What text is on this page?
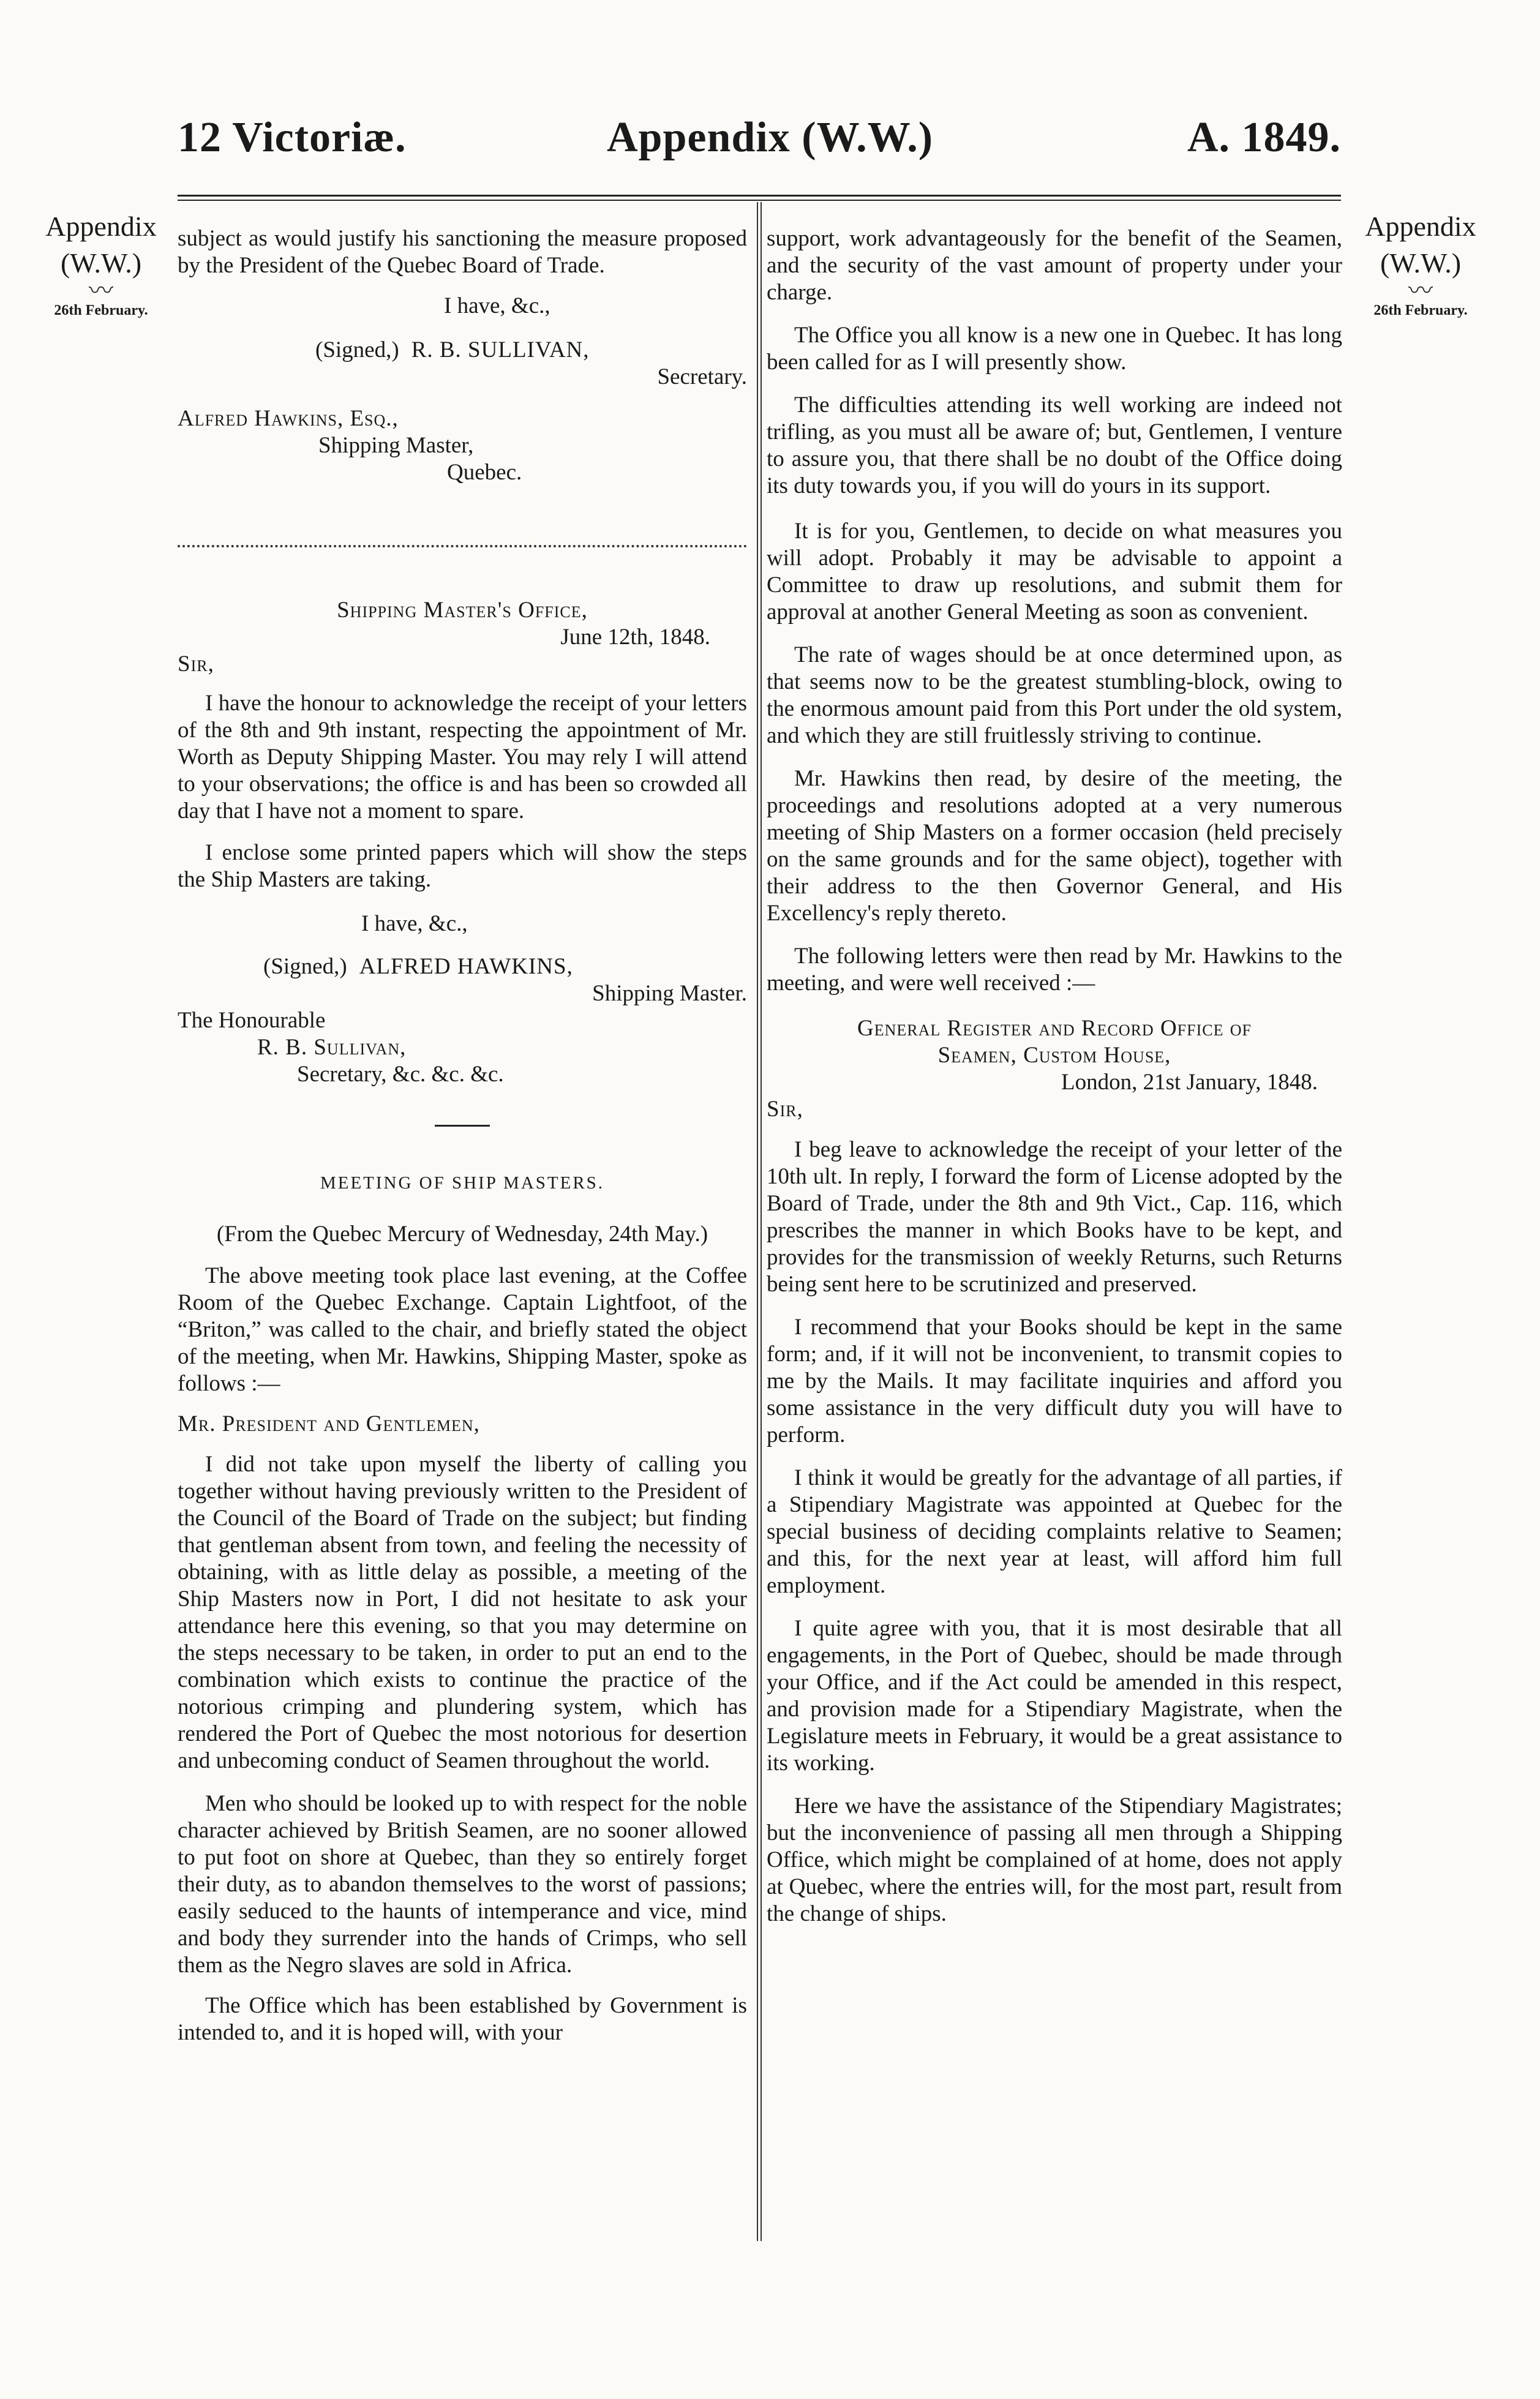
Appendix (W.W.)
12 Victoriæ.	A. 1849.
Appendix
(W.W.)
〰
26th February.
Appendix
(W.W.)
〰
26th February.

subject as would justify his sanctioning the measure proposed by the President of the Quebec Board of Trade.

I have, &c.,

(Signed,) R. B. SULLIVAN,

Secretary.

Alfred Hawkins, Esq.,

Shipping Master,

Quebec.

Shipping Master's Office,

June 12th, 1848.

Sir,

I have the honour to acknowledge the receipt of your letters of the 8th and 9th instant, respecting the appointment of Mr. Worth as Deputy Shipping Master. You may rely I will attend to your observations; the office is and has been so crowded all day that I have not a moment to spare.

I enclose some printed papers which will show the steps the Ship Masters are taking.

I have, &c.,

(Signed,) ALFRED HAWKINS,

Shipping Master.

The Honourable

R. B. Sullivan,

Secretary, &c. &c. &c.

MEETING OF SHIP MASTERS.

(From the Quebec Mercury of Wednesday, 24th May.)

The above meeting took place last evening, at the Coffee Room of the Quebec Exchange. Captain Lightfoot, of the “Briton,” was called to the chair, and briefly stated the object of the meeting, when Mr. Hawkins, Shipping Master, spoke as follows :—

Mr. President and Gentlemen,

I did not take upon myself the liberty of calling you together without having previously written to the President of the Council of the Board of Trade on the subject; but finding that gentleman absent from town, and feeling the necessity of obtaining, with as little delay as possible, a meeting of the Ship Masters now in Port, I did not hesitate to ask your attendance here this evening, so that you may determine on the steps necessary to be taken, in order to put an end to the combination which exists to continue the practice of the notorious crimping and plundering system, which has rendered the Port of Quebec the most notorious for desertion and unbecoming conduct of Seamen throughout the world.

Men who should be looked up to with respect for the noble character achieved by British Seamen, are no sooner allowed to put foot on shore at Quebec, than they so entirely forget their duty, as to abandon themselves to the worst of passions; easily seduced to the haunts of intemperance and vice, mind and body they surrender into the hands of Crimps, who sell them as the Negro slaves are sold in Africa.

The Office which has been established by Government is intended to, and it is hoped will, with your

support, work advantageously for the benefit of the Seamen, and the security of the vast amount of property under your charge.

The Office you all know is a new one in Quebec. It has long been called for as I will presently show.

The difficulties attending its well working are indeed not trifling, as you must all be aware of; but, Gentlemen, I venture to assure you, that there shall be no doubt of the Office doing its duty towards you, if you will do yours in its support.

It is for you, Gentlemen, to decide on what measures you will adopt. Probably it may be advisable to appoint a Committee to draw up resolutions, and submit them for approval at another General Meeting as soon as convenient.

The rate of wages should be at once determined upon, as that seems now to be the greatest stumbling-block, owing to the enormous amount paid from this Port under the old system, and which they are still fruitlessly striving to continue.

Mr. Hawkins then read, by desire of the meeting, the proceedings and resolutions adopted at a very numerous meeting of Ship Masters on a former occasion (held precisely on the same grounds and for the same object), together with their address to the then Governor General, and His Excellency's reply thereto.

The following letters were then read by Mr. Hawkins to the meeting, and were well received :—

General Register and Record Office of

Seamen, Custom House,

London, 21st January, 1848.

Sir,

I beg leave to acknowledge the receipt of your letter of the 10th ult. In reply, I forward the form of License adopted by the Board of Trade, under the 8th and 9th Vict., Cap. 116, which prescribes the manner in which Books have to be kept, and provides for the transmission of weekly Returns, such Returns being sent here to be scrutinized and preserved.

I recommend that your Books should be kept in the same form; and, if it will not be inconvenient, to transmit copies to me by the Mails. It may facilitate inquiries and afford you some assistance in the very difficult duty you will have to perform.

I think it would be greatly for the advantage of all parties, if a Stipendiary Magistrate was appointed at Quebec for the special business of deciding complaints relative to Seamen; and this, for the next year at least, will afford him full employment.

I quite agree with you, that it is most desirable that all engagements, in the Port of Quebec, should be made through your Office, and if the Act could be amended in this respect, and provision made for a Stipendiary Magistrate, when the Legislature meets in February, it would be a great assistance to its working.

Here we have the assistance of the Stipendiary Magistrates; but the inconvenience of passing all men through a Shipping Office, which might be complained of at home, does not apply at Quebec, where the entries will, for the most part, result from the change of ships.
